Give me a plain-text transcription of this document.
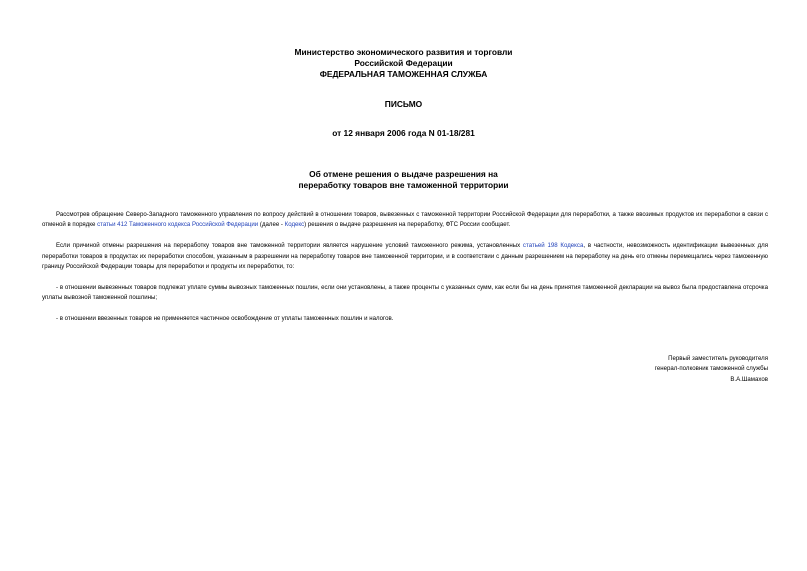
Министерство экономического развития и торговли
Российской Федерации
ФЕДЕРАЛЬНАЯ ТАМОЖЕННАЯ СЛУЖБА
ПИСЬМО
от 12 января 2006 года N 01-18/281
Об отмене решения о выдаче разрешения на
переработку товаров вне таможенной территории

Рассмотрев обращение Северо-Западного таможенного управления по вопросу действий в отношении товаров, вывезенных с таможенной территории Российской Федерации для переработки, а также ввозимых продуктов их переработки в связи с отменой в порядке статьи 412 Таможенного кодекса Российской Федерации (далее - Кодекс) решения о выдаче разрешения на переработку, ФТС России сообщает.

Если причиной отмены разрешения на переработку товаров вне таможенной территории является нарушение условий таможенного режима, установленных статьей 198 Кодекса, в частности, невозможность идентификации вывезенных для переработки товаров в продуктах их переработки способом, указанным в разрешении на переработку товаров вне таможенной территории, и в соответствии с данным разрешением на переработку на день его отмены перемещались через таможенную границу Российской Федерации товары для переработки и продукты их переработки, то:

- в отношении вывезенных товаров подлежат уплате суммы вывозных таможенных пошлин, если они установлены, а также проценты с указанных сумм, как если бы на день принятия таможенной декларации на вывоз была предоставлена отсрочка уплаты вывозной таможенной пошлины;

- в отношении ввезенных товаров не применяется частичное освобождение от уплаты таможенных пошлин и налогов.

Первый заместитель руководителя
генерал-полковник таможенной службы
В.А.Шамахов
